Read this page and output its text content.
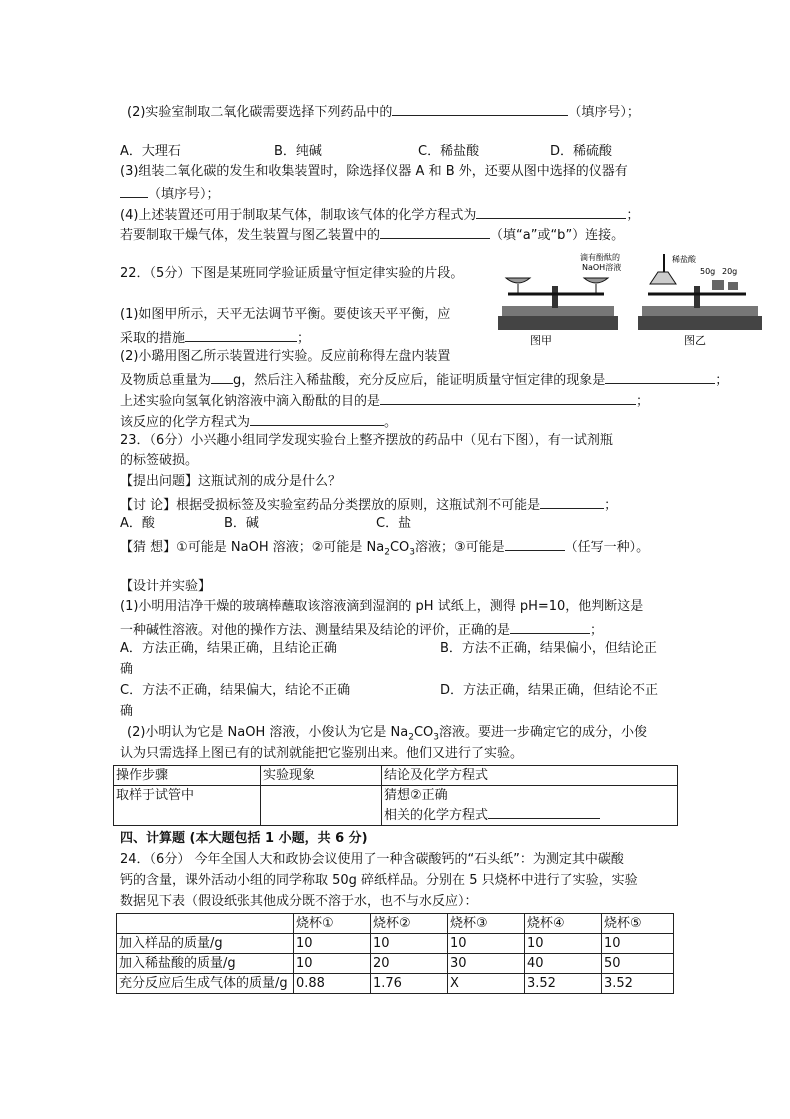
(2)实验室制取二氧化碳需要选择下列药品中的	（填序号）；
A．大理石	B．纯碱	C．稀盐酸	D．稀硫酸
(3)组装二氧化碳的发生和收集装置时，除选择仪器 A 和 B 外，还要从图中选择的仪器有
（填序号）；
(4)上述装置还可用于制取某气体，制取该气体的化学方程式为	；
若要制取干燥气体，发生装置与图乙装置中的	（填“a”或“b”）连接。
22．（5分）下图是某班同学验证质量守恒定律实验的片段。
(1)如图甲所示，天平无法调节平衡。要使该天平平衡，应
采取的措施	；
(2)小璐用图乙所示装置进行实验。反应前称得左盘内装置
及物质总重量为 g，然后注入稀盐酸，充分反应后，能证明质量守恒定律的现象是	；
上述实验向氢氧化钠溶液中滴入酚酞的目的是	；
该反应的化学方程式为	。
图甲	图乙
滴有酚酞的
NaOH溶液
稀盐酸
50g 20g
23．（6分）小兴趣小组同学发现实验台上整齐摆放的药品中（见右下图），有一试剂瓶
的标签破损。
【提出问题】这瓶试剂的成分是什么？
【讨 论】根据受损标签及实验室药品分类摆放的原则，这瓶试剂不可能是	；
A．酸	B．碱	C．盐
【猜 想】①可能是 NaOH 溶液；②可能是 $Na_2CO_3$溶液；③可能是	（任写一种）。
【设计并实验】
(1)小明用洁净干燥的玻璃棒蘸取该溶液滴到湿润的 pH 试纸上，测得 pH=10，他判断这是
一种碱性溶液。对他的操作方法、测量结果及结论的评价，正确的是	；
A．方法正确，结果正确，且结论正确	B．方法不正确，结果偏小，但结论正
确
C．方法不正确，结果偏大，结论不正确	D．方法正确，结果正确，但结论不正
确
(2)小明认为它是 NaOH 溶液，小俊认为它是 $Na_2CO_3$溶液。要进一步确定它的成分，小俊
认为只需选择上图已有的试剂就能把它鉴别出来。他们又进行了实验。
操作步骤	实验现象	结论及化学方程式
取样于试管中		猜想②正确
相关的化学方程式
四、计算题 (本大题包括 1 小题，共 6 分)
24．（6分） 今年全国人大和政协会议使用了一种含碳酸钙的“石头纸”：为测定其中碳酸
钙的含量，课外活动小组的同学称取 50g 碎纸样品。分别在 5 只烧杯中进行了实验，实验
数据见下表（假设纸张其他成分既不溶于水，也不与水反应）：
	烧杯①	烧杯②	烧杯③	烧杯④	烧杯⑤
加入样品的质量/g	10	10	10	10	10
加入稀盐酸的质量/g	10	20	30	40	50
充分反应后生成气体的质量/g	0.88	1.76	X	3.52	3.52
